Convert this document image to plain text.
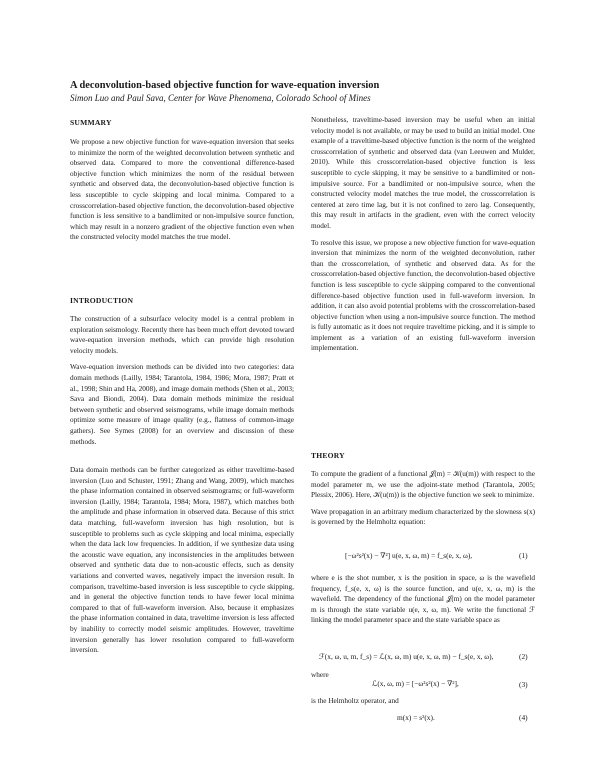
A deconvolution-based objective function for wave-equation inversion
Simon Luo and Paul Sava, Center for Wave Phenomena, Colorado School of Mines
SUMMARY

We propose a new objective function for wave-equation inversion that seeks to minimize the norm of the weighted deconvolution between synthetic and observed data. Compared to more the conventional difference-based objective function which minimizes the norm of the residual between synthetic and observed data, the deconvolution-based objective function is less susceptible to cycle skipping and local minima. Compared to a crosscorrelation-based objective function, the deconvolution-based objective function is less sensitive to a bandlimited or non-impulsive source function, which may result in a nonzero gradient of the objective function even when the constructed velocity model matches the true model.

INTRODUCTION

The construction of a subsurface velocity model is a central problem in exploration seismology. Recently there has been much effort devoted toward wave-equation inversion methods, which can provide high resolution velocity models.

Wave-equation inversion methods can be divided into two categories: data domain methods (Lailly, 1984; Tarantola, 1984, 1986; Mora, 1987; Pratt et al., 1998; Shin and Ha, 2008), and image domain methods (Shen et al., 2003; Sava and Biondi, 2004). Data domain methods minimize the residual between synthetic and observed seismograms, while image domain methods optimize some measure of image quality (e.g., flatness of common-image gathers). See Symes (2008) for an overview and discussion of these methods.

Data domain methods can be further categorized as either traveltime-based inversion (Luo and Schuster, 1991; Zhang and Wang, 2009), which matches the phase information contained in observed seismograms; or full-waveform inversion (Lailly, 1984; Tarantola, 1984; Mora, 1987), which matches both the amplitude and phase information in observed data. Because of this strict data matching, full-waveform inversion has high resolution, but is susceptible to problems such as cycle skipping and local minima, especially when the data lack low frequencies. In addition, if we synthesize data using the acoustic wave equation, any inconsistencies in the amplitudes between observed and synthetic data due to non-acoustic effects, such as density variations and converted waves, negatively impact the inversion result. In comparison, traveltime-based inversion is less susceptible to cycle skipping, and in general the objective function tends to have fewer local minima compared to that of full-waveform inversion. Also, because it emphasizes the phase information contained in data, traveltime inversion is less affected by inability to correctly model seismic amplitudes. However, traveltime inversion generally has lower resolution compared to full-waveform inversion.

Nonetheless, traveltime-based inversion may be useful when an initial velocity model is not available, or may be used to build an initial model. One example of a traveltime-based objective function is the norm of the weighted crosscorrelation of synthetic and observed data (van Leeuwen and Mulder, 2010). While this crosscorrelation-based objective function is less susceptible to cycle skipping, it may be sensitive to a bandlimited or non-impulsive source. For a bandlimited or non-impulsive source, when the constructed velocity model matches the true model, the crosscorrelation is centered at zero time lag, but it is not confined to zero lag. Consequently, this may result in artifacts in the gradient, even with the correct velocity model.

To resolve this issue, we propose a new objective function for wave-equation inversion that minimizes the norm of the weighted deconvolution, rather than the crosscorrelation, of synthetic and observed data. As for the crosscorrelation-based objective function, the deconvolution-based objective function is less susceptible to cycle skipping compared to the conventional difference-based objective function used in full-waveform inversion. In addition, it can also avoid potential problems with the crosscorrelation-based objective function when using a non-impulsive source function. The method is fully automatic as it does not require traveltime picking, and it is simple to implement as a variation of an existing full-waveform inversion implementation.

THEORY

To compute the gradient of a functional 𝒥(m) = 𝒦(u(m)) with respect to the model parameter m, we use the adjoint-state method (Tarantola, 2005; Plessix, 2006). Here, 𝒦(u(m)) is the objective function we seek to minimize.

Wave propagation in an arbitrary medium characterized by the slowness s(x) is governed by the Helmholtz equation:

[−ω²s²(x) − ∇²] u(e, x, ω, m) = f_s(e, x, ω),	(1)

where e is the shot number, x is the position in space, ω is the wavefield frequency, f_s(e, x, ω) is the source function, and u(e, x, ω, m) is the wavefield. The dependency of the functional 𝒥(m) on the model parameter m is through the state variable u(e, x, ω, m). We write the functional ℱ linking the model parameter space and the state variable space as

ℱ(x, ω, u, m, f_s) = ℒ(x, ω, m) u(e, x, ω, m) − f_s(e, x, ω),	(2)
where
ℒ(x, ω, m) = [−ω²s²(x) − ∇²],	(3)
is the Helmholtz operator, and
m(x) = s²(x).	(4)
